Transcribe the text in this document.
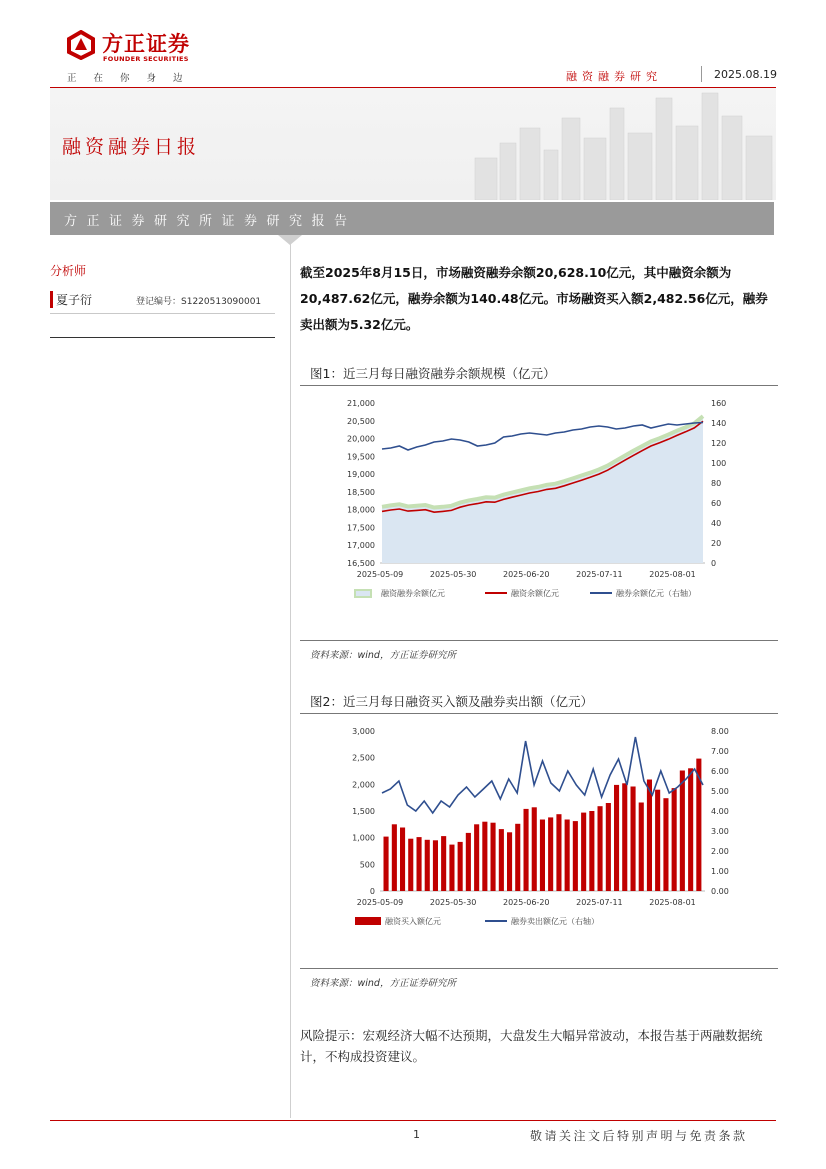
方正证券
FOUNDER SECURITIES
正在你身边	融资融券研究	2025.08.19
融资融券日报
方正证券研究所证券研究报告
分析师
夏子衍	登记编号：S1220513090001
截至2025年8月15日，市场融资融券余额20,628.10亿元，其中融资余额为20,487.62亿元，融券余额为140.48亿元。市场融资买入额2,482.56亿元，融券卖出额为5.32亿元。
图1：近三月每日融资融券余额规模（亿元）
21,000
20,500
20,000
19,500
19,000
18,500
18,000
17,500
17,000
16,500
160
140
120
100
80
60
40
20
0
2025-05-09	2025-05-30	2025-06-20	2025-07-11	2025-08-01
融资融券余额亿元	融资余额亿元	融券余额亿元（右轴）
资料来源：wind，方正证券研究所
图2：近三月每日融资买入额及融券卖出额（亿元）
3,000
2,500
2,000
1,500
1,000
500
0
8.00
7.00
6.00
5.00
4.00
3.00
2.00
1.00
0.00
2025-05-09	2025-05-30	2025-06-20	2025-07-11	2025-08-01
融资买入额亿元	融券卖出额亿元（右轴）
资料来源：wind，方正证券研究所
风险提示：宏观经济大幅不达预期，大盘发生大幅异常波动，本报告基于两融数据统计，不构成投资建议。
1	敬请关注文后特别声明与免责条款
